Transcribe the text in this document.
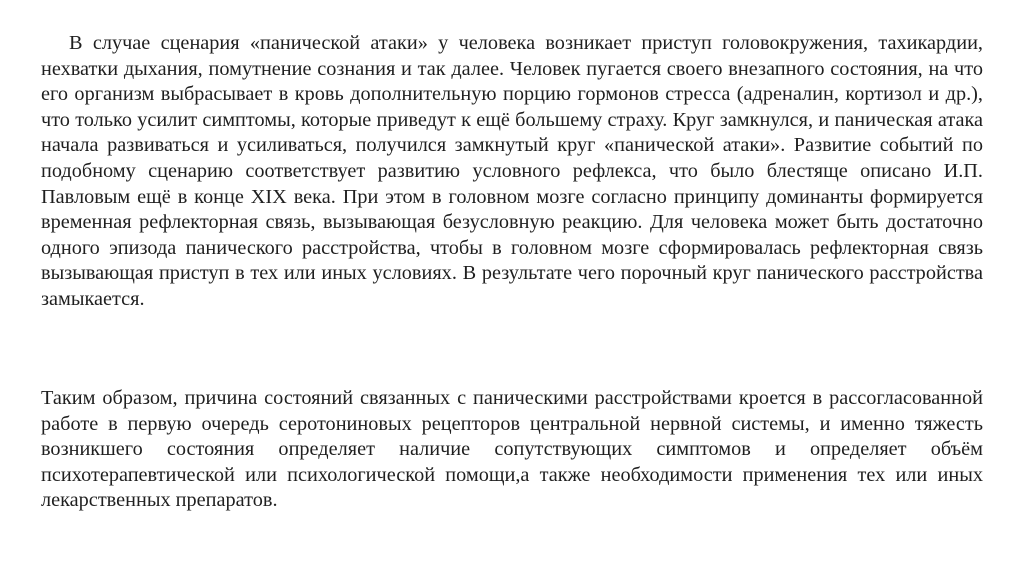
В случае сценария «панической атаки» у человека возникает приступ головокружения, тахикардии, нехватки дыхания, помутнение сознания и так далее. Человек пугается своего внезапного состояния, на что его организм выбрасывает в кровь дополнительную порцию гормонов стресса (адреналин, кортизол и др.), что только усилит симптомы, которые приведут к ещё большему страху. Круг замкнулся, и паническая атака начала развиваться и усиливаться, получился замкнутый круг «панической атаки». Развитие событий по подобному сценарию соответствует развитию условного рефлекса, что было блестяще описано И.П. Павловым ещё в конце XIX века. При этом в головном мозге согласно принципу доминанты формируется временная рефлекторная связь, вызывающая безусловную реакцию. Для человека может быть достаточно одного эпизода панического расстройства, чтобы в головном мозге сформировалась рефлекторная связь вызывающая приступ в тех или иных условиях. В результате чего порочный круг панического расстройства замыкается.

Таким образом, причина состояний связанных с паническими расстройствами кроется в рассогласованной работе в первую очередь серотониновых рецепторов центральной нервной системы, и именно тяжесть возникшего состояния определяет наличие сопутствующих симптомов и определяет объём психотерапевтической или психологической помощи,а также необходимости применения тех или иных лекарственных препаратов.
